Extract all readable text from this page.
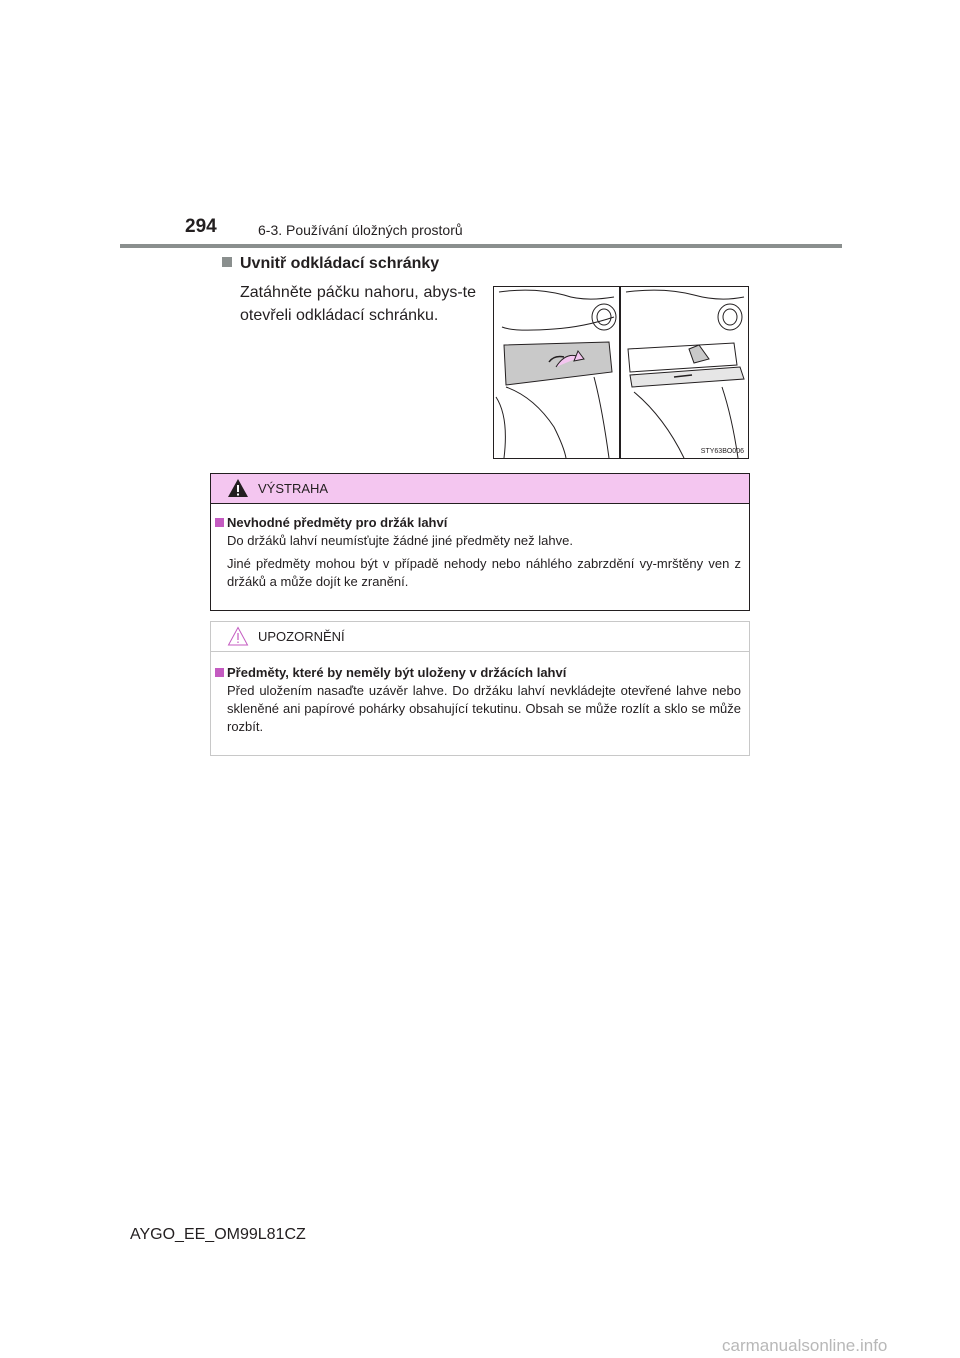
294	6-3. Používání úložných prostorů
Uvnitř odkládací schránky
Zatáhněte páčku nahoru, abys-te otevřeli odkládací schránku.
STY63BO006
VÝSTRAHA
Nevhodné předměty pro držák lahví

Do držáků lahví neumísťujte žádné jiné předměty než lahve.

Jiné předměty mohou být v případě nehody nebo náhlého zabrzdění vy-mrštěny ven z držáků a může dojít ke zranění.

UPOZORNĚNÍ
Předměty, které by neměly být uloženy v držácích lahví

Před uložením nasaďte uzávěr lahve. Do držáku lahví nevkládejte otevřené lahve nebo skleněné ani papírové pohárky obsahující tekutinu. Obsah se může rozlít a sklo se může rozbít.

AYGO_EE_OM99L81CZ
carmanualsonline.info
